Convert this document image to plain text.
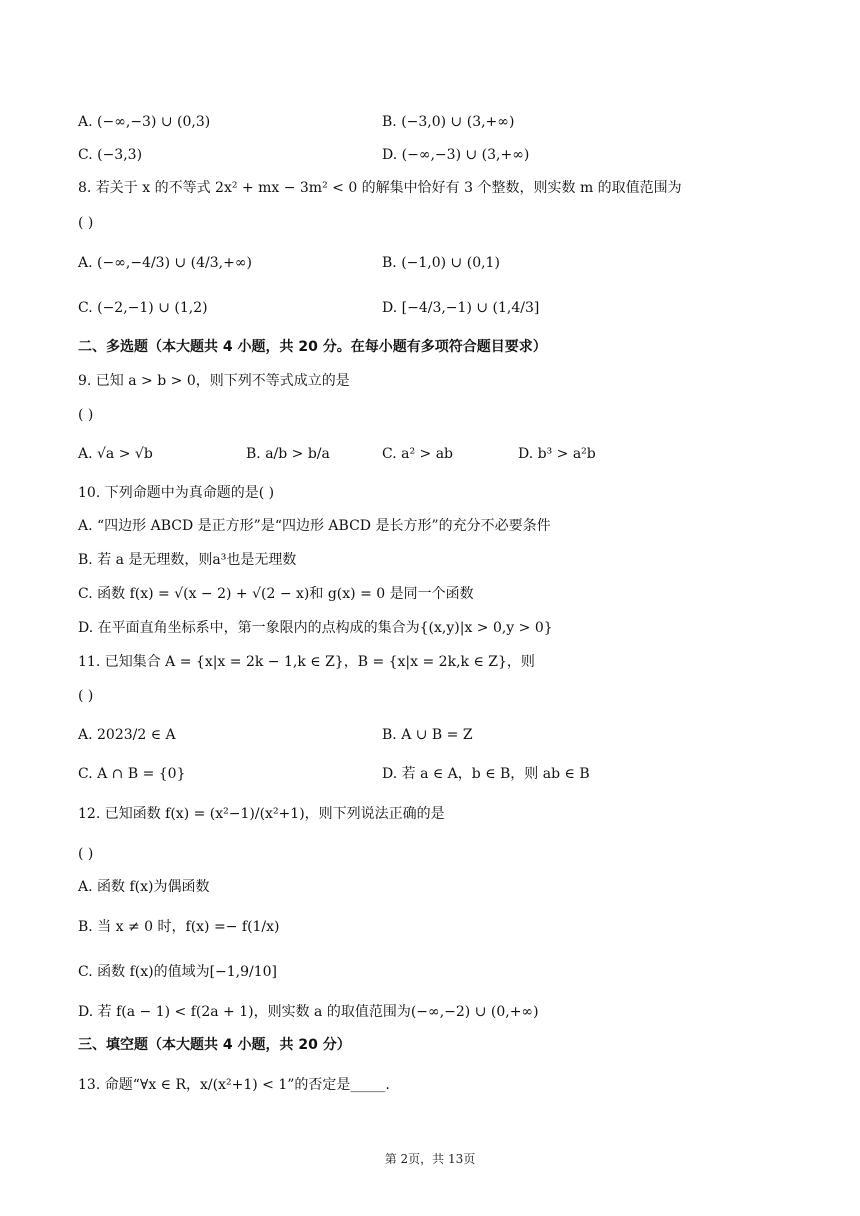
A. (−∞,−3) ∪ (0,3)	B. (−3,0) ∪ (3,+∞)
C. (−3,3)	D. (−∞,−3) ∪ (3,+∞)
8. 若关于 x 的不等式 2x² + mx − 3m² < 0 的解集中恰好有 3 个整数，则实数 m 的取值范围为
( )
A. (−∞,−4/3) ∪ (4/3,+∞)	B. (−1,0) ∪ (0,1)
C. (−2,−1) ∪ (1,2)	D. [−4/3,−1) ∪ (1,4/3]
二、多选题（本大题共 4 小题，共 20 分。在每小题有多项符合题目要求）
9. 已知 a > b > 0，则下列不等式成立的是
( )
A. √a > √b	B. a/b > b/a	C. a² > ab	D. b³ > a²b
10. 下列命题中为真命题的是( )
A. “四边形 ABCD 是正方形”是“四边形 ABCD 是长方形”的充分不必要条件
B. 若 a 是无理数，则a³也是无理数
C. 函数 f(x) = √(x − 2) + √(2 − x)和 g(x) = 0 是同一个函数
D. 在平面直角坐标系中，第一象限内的点构成的集合为{(x,y)|x > 0,y > 0}
11. 已知集合 A = {x|x = 2k − 1,k ∈ Z}，B = {x|x = 2k,k ∈ Z}，则
( )
A. 2023/2 ∈ A	B. A ∪ B = Z
C. A ∩ B = {0}	D. 若 a ∈ A，b ∈ B，则 ab ∈ B
12. 已知函数 f(x) = (x²−1)/(x²+1)，则下列说法正确的是
( )
A. 函数 f(x)为偶函数
B. 当 x ≠ 0 时，f(x) =− f(1/x)
C. 函数 f(x)的值域为[−1,9/10]
D. 若 f(a − 1) < f(2a + 1)，则实数 a 的取值范围为(−∞,−2) ∪ (0,+∞)
三、填空题（本大题共 4 小题，共 20 分）
13. 命题“∀x ∈ R，x/(x²+1) < 1”的否定是_____.
第 2页，共 13页
